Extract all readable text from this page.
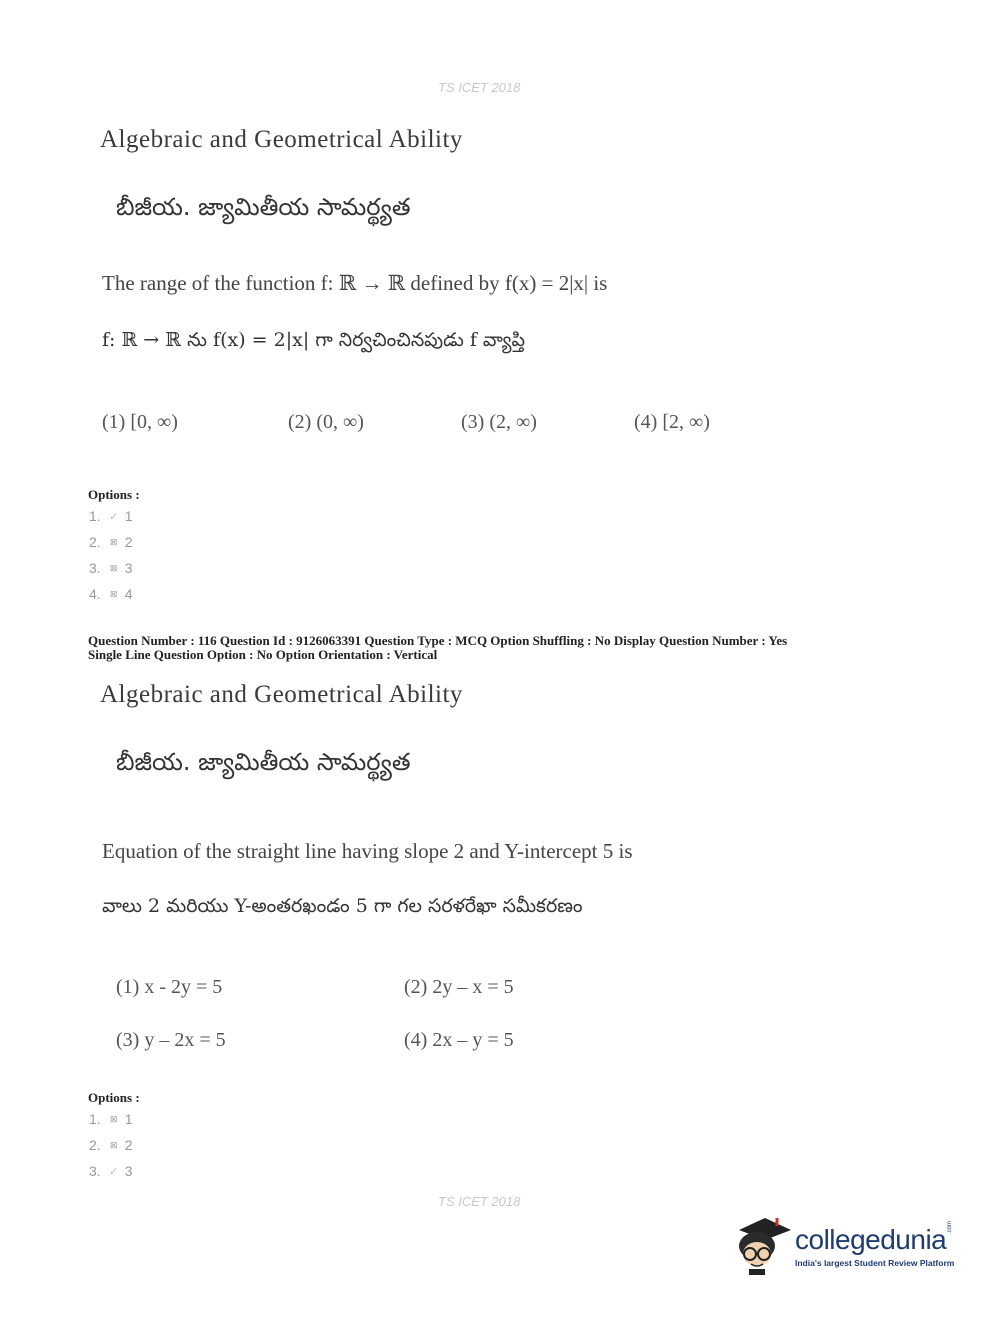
TS ICET 2018
Algebraic and Geometrical Ability
బీజీయ. జ్యామితీయ సామర్థ్యత
The range of the function f: ℝ → ℝ defined by f(x) = 2|x| is
f: ℝ → ℝ ను f(x) = 2|x| గా నిర్వచించినపుడు f వ్యాప్తి
(1) [0, ∞)	(2) (0, ∞)	(3) (2, ∞)	(4) [2, ∞)
Options :
1. ✓ 1
2.	⊠ 2
3.	⊠ 3
4.	⊠ 4
Question Number : 116 Question Id : 9126063391 Question Type : MCQ Option Shuffling : No Display Question Number : Yes
Single Line Question Option : No Option Orientation : Vertical
Algebraic and Geometrical Ability
బీజీయ. జ్యామితీయ సామర్థ్యత
Equation of the straight line having slope 2 and Y-intercept 5 is
వాలు 2 మరియు Y-అంతరఖండం 5 గా గల సరళరేఖా సమీకరణం
(1) x - 2y = 5	(2) 2y – x = 5
(3) y – 2x = 5	(4) 2x – y = 5
Options :
1.	⊠ 1
2.	⊠ 2
3. ✓ 3
TS ICET 2018
collegedunia .com
India's largest Student Review Platform
